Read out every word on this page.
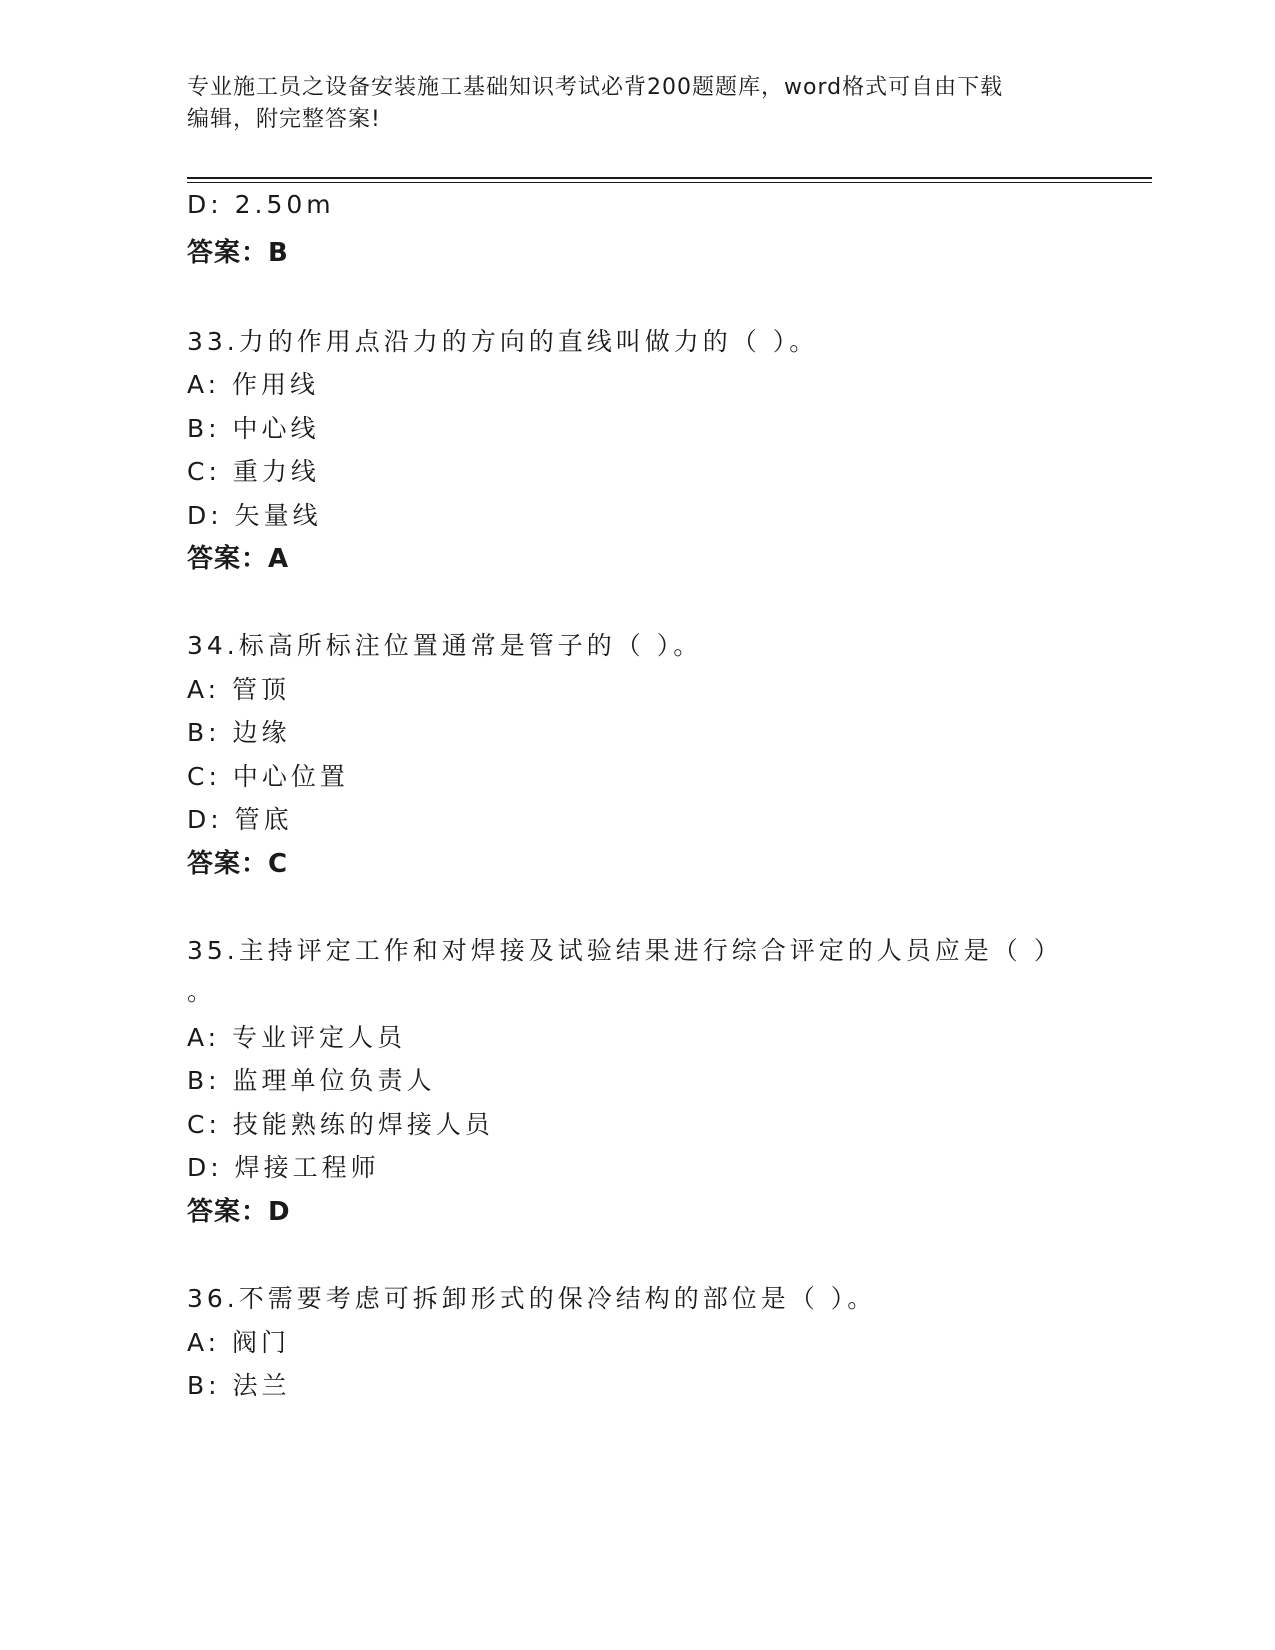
专业施工员之设备安装施工基础知识考试必背200题题库，word格式可自由下载
编辑，附完整答案!
D: 2.50m
答案：B
33.力的作用点沿力的方向的直线叫做力的（ ）。
A: 作用线
B: 中心线
C: 重力线
D: 矢量线
答案：A
34.标高所标注位置通常是管子的（ ）。
A: 管顶
B: 边缘
C: 中心位置
D: 管底
答案：C
35.主持评定工作和对焊接及试验结果进行综合评定的人员应是（ ）
。
A: 专业评定人员
B: 监理单位负责人
C: 技能熟练的焊接人员
D: 焊接工程师
答案：D
36.不需要考虑可拆卸形式的保冷结构的部位是（ ）。
A: 阀门
B: 法兰
